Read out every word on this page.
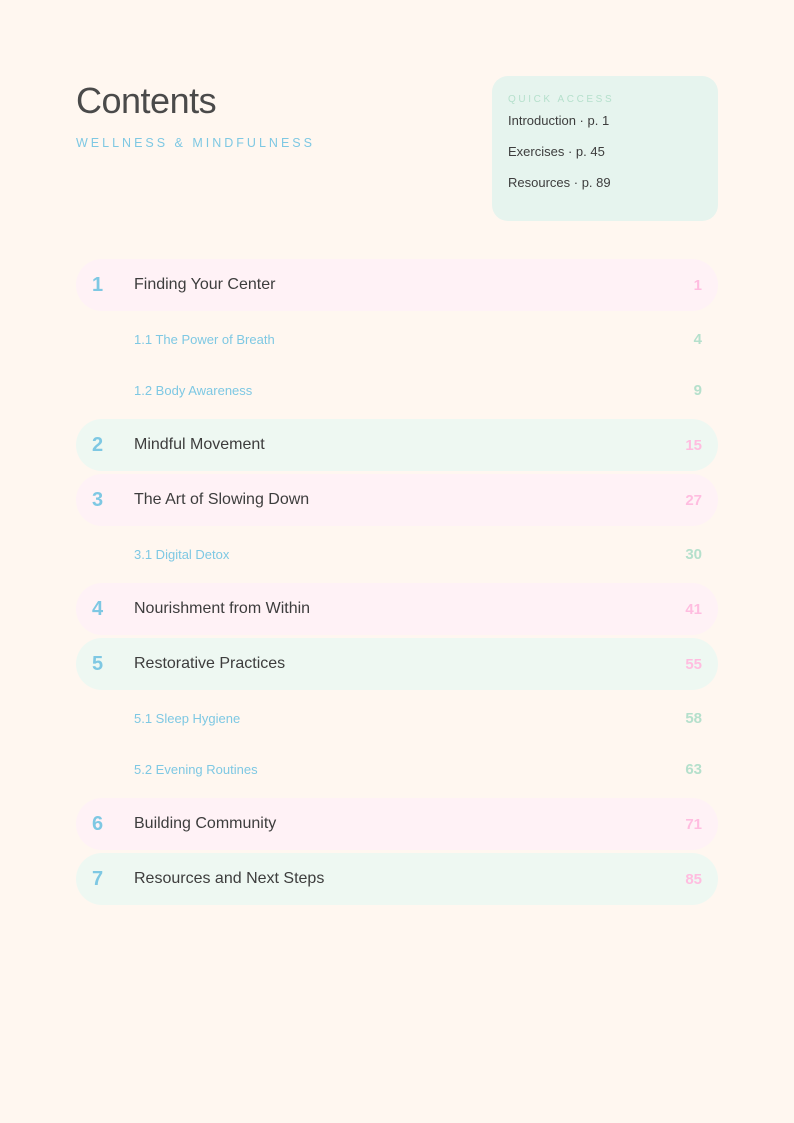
Contents
WELLNESS & MINDFULNESS
QUICK ACCESS
Introduction · p. 1
Exercises · p. 45
Resources · p. 89
1 Finding Your Center	1
1.1 The Power of Breath	4
1.2 Body Awareness	9
2 Mindful Movement	15
3 The Art of Slowing Down	27
3.1 Digital Detox	30
4 Nourishment from Within	41
5 Restorative Practices	55
5.1 Sleep Hygiene	58
5.2 Evening Routines	63
6 Building Community	71
7 Resources and Next Steps	85
